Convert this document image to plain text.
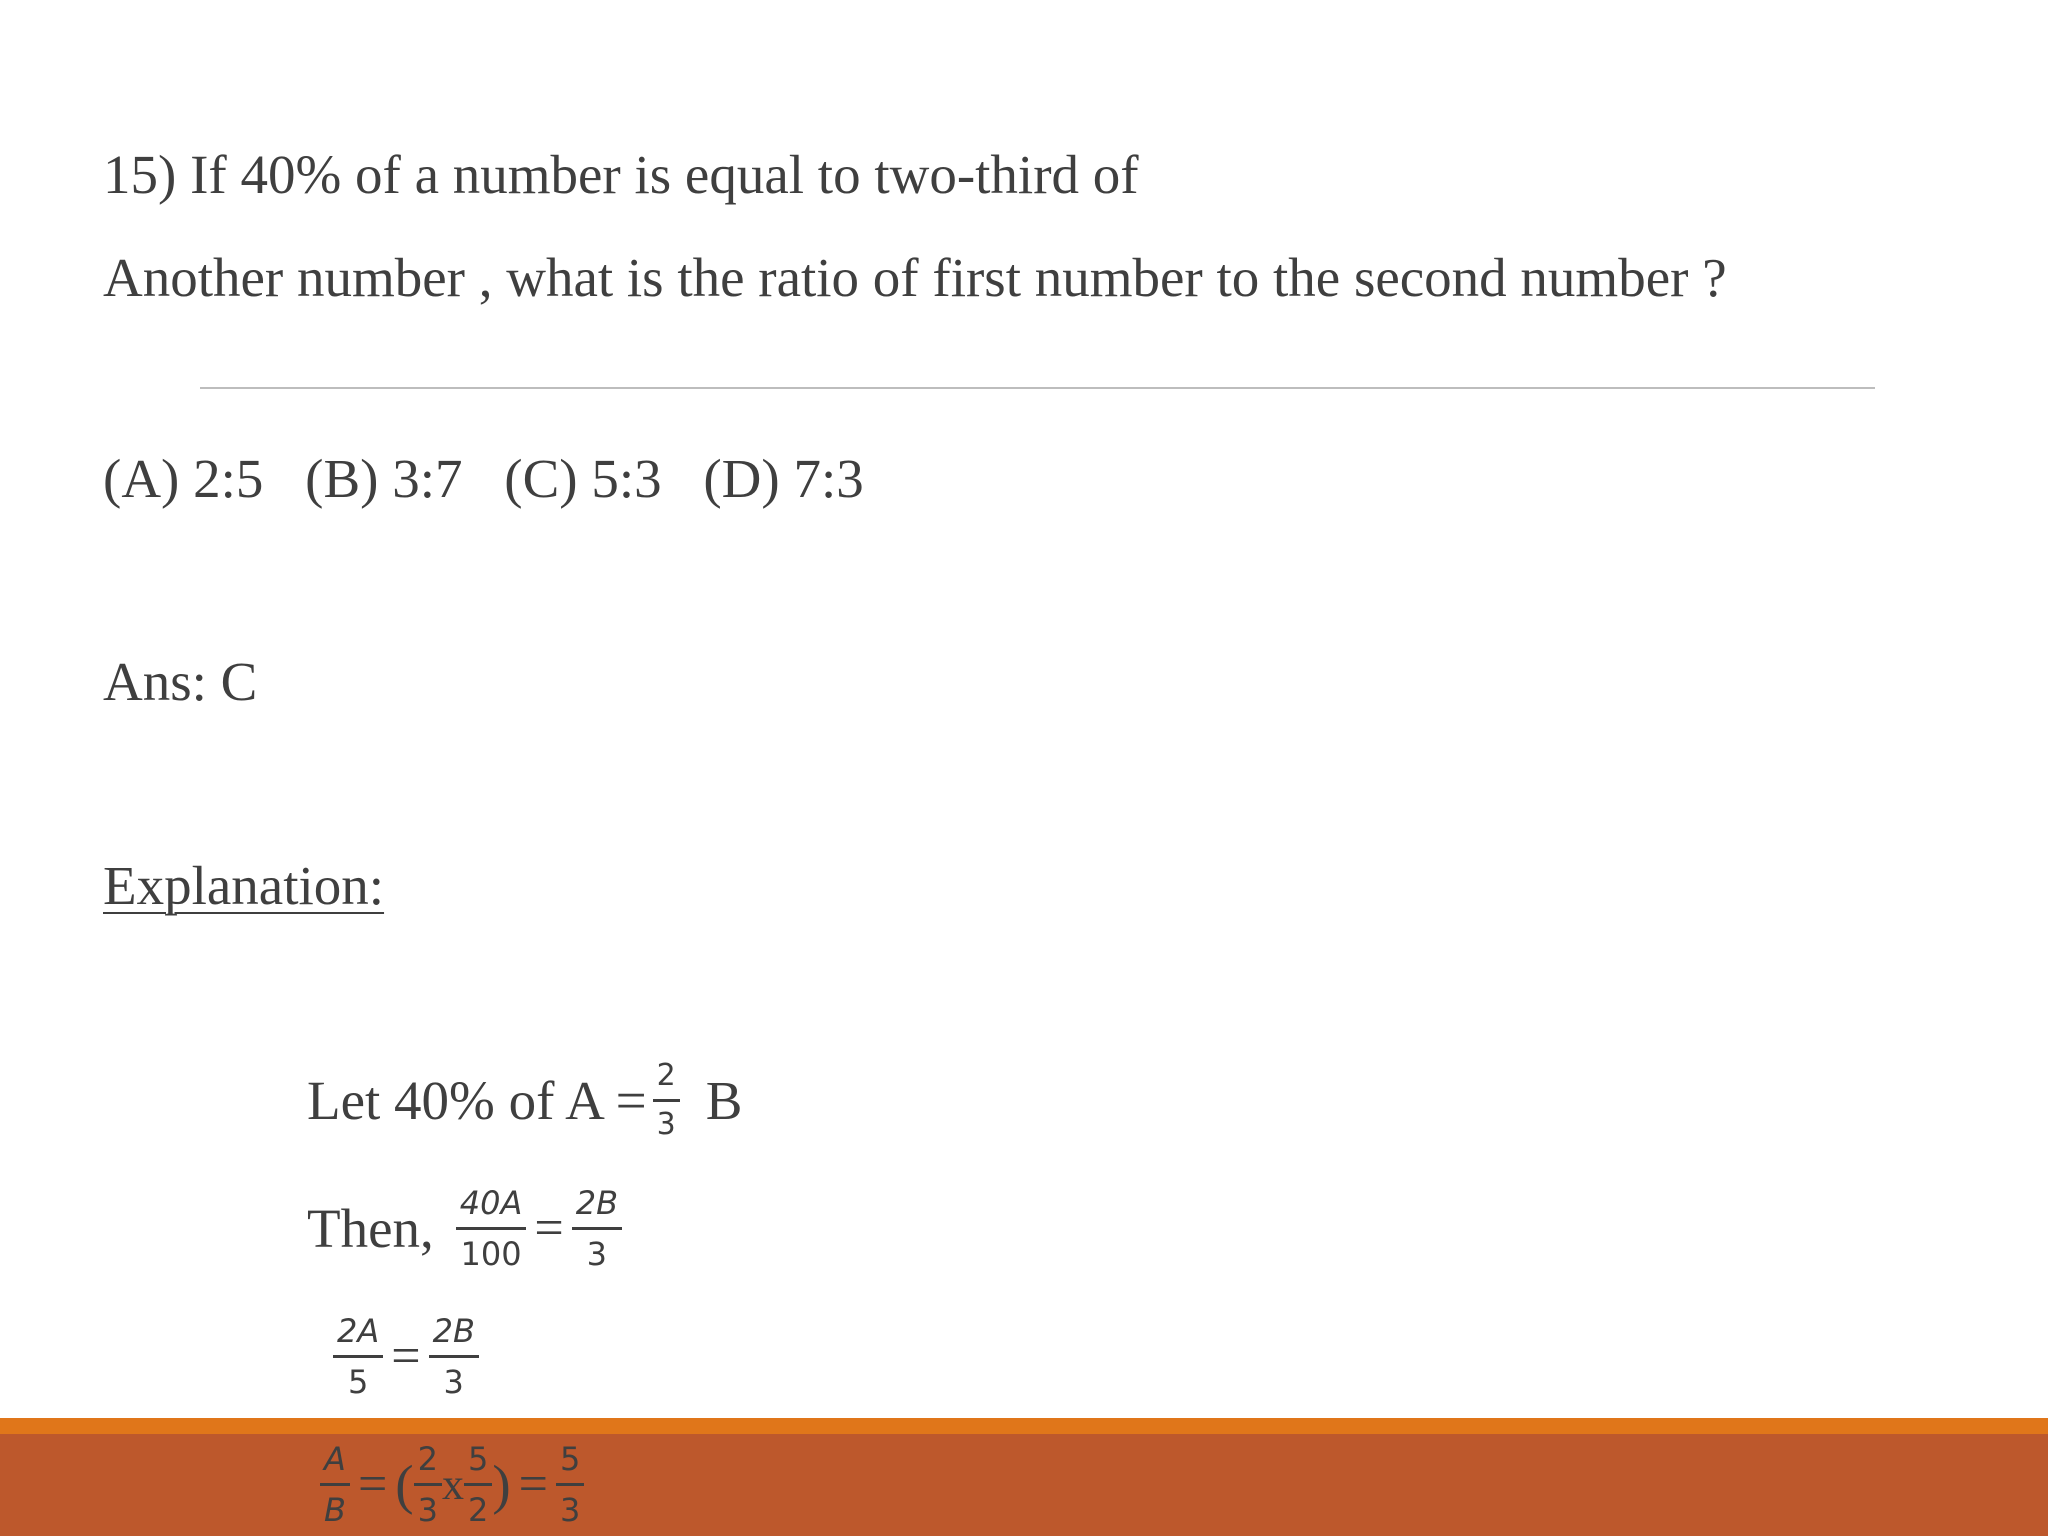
15) If 40% of a number is equal to two-third of
Another number , what is the ratio of first number to the second number ?
(A) 2:5 (B) 3:7 (C) 5:3 (D) 7:3
Ans: C
Explanation:
Let 40% of $A = \frac{2}{3}$ B
Then, $\frac{40A}{100} = \frac{2B}{3}$
$\frac{2A}{5} = \frac{2B}{3}$
$\frac{A}{B}$ = ( $\frac{2}{3}$ x $\frac{5}{2}$ ) = $\frac{5}{3}$
